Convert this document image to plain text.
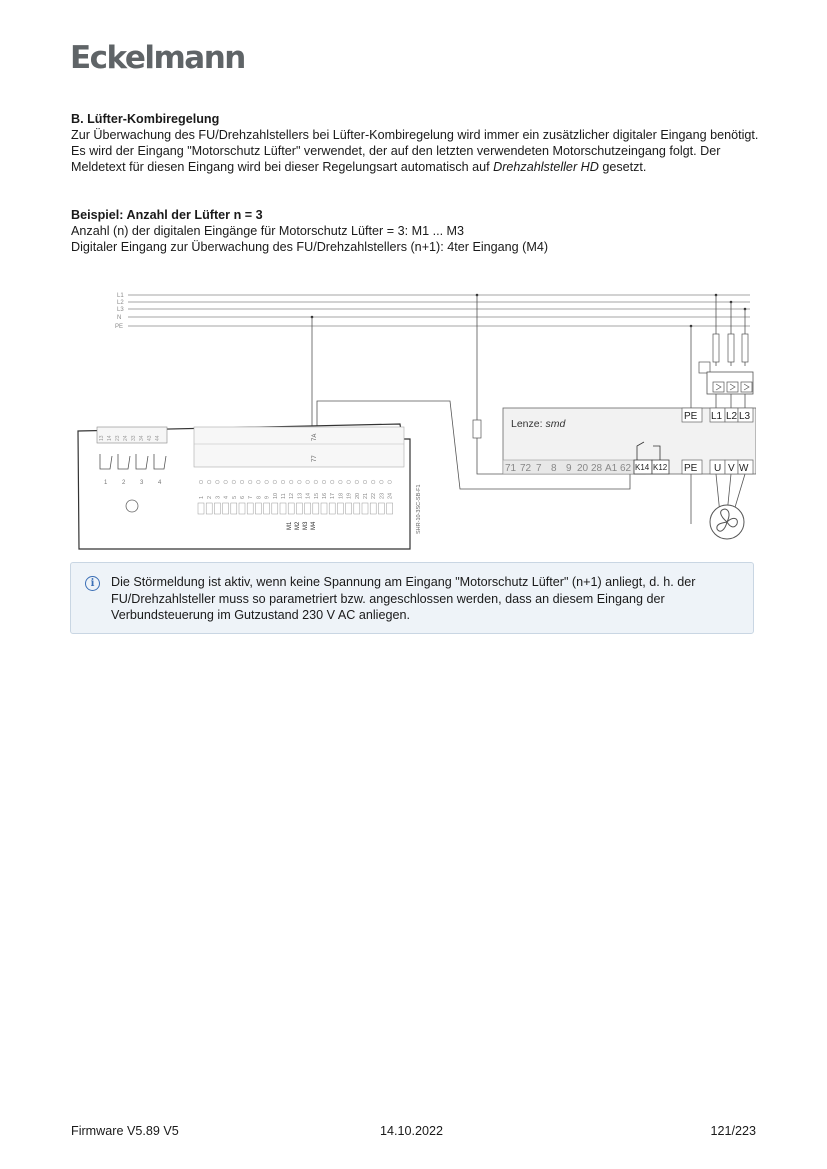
Eckelmann
B. Lüfter-Kombiregelung

Zur Überwachung des FU/Drehzahlstellers bei Lüfter-Kombiregelung wird immer ein zusätzlicher digitaler Eingang benötigt. Es wird der Eingang "Motorschutz Lüfter" verwendet, der auf den letzten verwendeten Motorschutzeingang folgt. Der Meldetext für diesen Eingang wird bei dieser Regelungsart automatisch auf Drehzahlsteller HD gesetzt.

Beispiel: Anzahl der Lüfter n = 3
Anzahl (n) der digitalen Eingänge für Motorschutz Lüfter = 3: M1 ... M3
Digitaler Eingang zur Überwachung des FU/Drehzahlstellers (n+1): 4ter Eingang (M4)
L1
L2
L3
N
PE
Lenze: smd
PE L1 L2 L3
71 72 7 8 9 20 28 A1 62 K14 K12 PE U V W
13 14 23 24 33 34 43 44
1 2 3 4
77
7A
1 2 3 4 5 6 7 8 9 10 11 12 13 14 15 16 17 18 19 20 21 22 23 24
M1 M2 M3 M4	SHR-10-3SC-SB-F1
i	Die Störmeldung ist aktiv, wenn keine Spannung am Eingang "Motorschutz Lüfter" (n+1) anliegt, d. h. der FU/Drehzahlsteller muss so parametriert bzw. angeschlossen werden, dass an diesem Eingang der Verbundsteuerung im Gutzustand 230 V AC anliegen.
Firmware V5.89 V5	14.10.2022	121/223
